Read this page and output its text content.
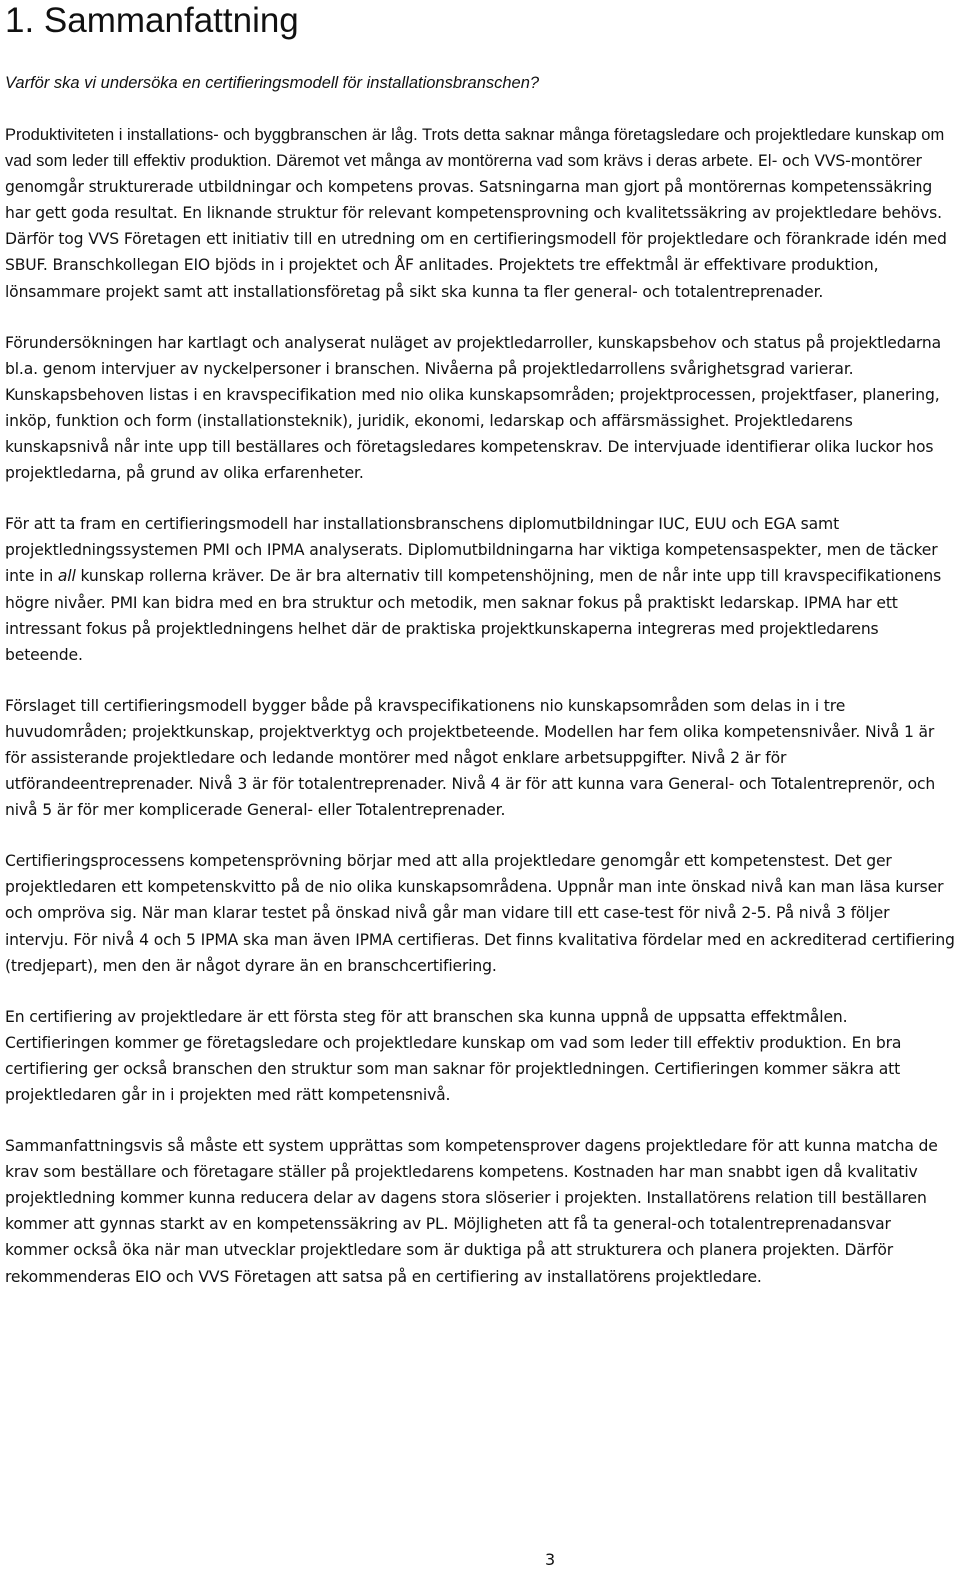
1. Sammanfattning

Varför ska vi undersöka en certifieringsmodell för installationsbranschen?

Produktiviteten i installations- och byggbranschen är låg. Trots detta saknar många företagsledare och projektledare kunskap om vad som leder till effektiv produktion. Däremot vet många av montörerna vad som krävs i deras arbete. El- och VVS-montörer genomgår strukturerade utbildningar och kompetens provas. Satsningarna man gjort på montörernas kompetenssäkring har gett goda resultat. En liknande struktur för relevant kompetensprovning och kvalitetssäkring av projektledare behövs. Därför tog VVS Företagen ett initiativ till en utredning om en certifieringsmodell för projektledare och förankrade idén med SBUF. Branschkollegan EIO bjöds in i projektet och ÅF anlitades. Projektets tre effektmål är effektivare produktion, lönsammare projekt samt att installationsföretag på sikt ska kunna ta fler general- och totalentreprenader.

Förundersökningen har kartlagt och analyserat nuläget av projektledarroller, kunskapsbehov och status på projektledarna bl.a. genom intervjuer av nyckelpersoner i branschen. Nivåerna på projektledarrollens svårighetsgrad varierar. Kunskapsbehoven listas i en kravspecifikation med nio olika kunskapsområden; projektprocessen, projektfaser, planering, inköp, funktion och form (installationsteknik), juridik, ekonomi, ledarskap och affärsmässighet. Projektledarens kunskapsnivå når inte upp till beställares och företagsledares kompetenskrav. De intervjuade identifierar olika luckor hos projektledarna, på grund av olika erfarenheter.

För att ta fram en certifieringsmodell har installationsbranschens diplomutbildningar IUC, EUU och EGA samt projektledningssystemen PMI och IPMA analyserats. Diplomutbildningarna har viktiga kompetensaspekter, men de täcker inte in all kunskap rollerna kräver. De är bra alternativ till kompetenshöjning, men de når inte upp till kravspecifikationens högre nivåer. PMI kan bidra med en bra struktur och metodik, men saknar fokus på praktiskt ledarskap. IPMA har ett intressant fokus på projektledningens helhet där de praktiska projektkunskaperna integreras med projektledarens beteende.

Förslaget till certifieringsmodell bygger både på kravspecifikationens nio kunskapsområden som delas in i tre huvudområden; projektkunskap, projektverktyg och projektbeteende. Modellen har fem olika kompetensnivåer. Nivå 1 är för assisterande projektledare och ledande montörer med något enklare arbetsuppgifter. Nivå 2 är för utförandeentreprenader. Nivå 3 är för totalentreprenader. Nivå 4 är för att kunna vara General- och Totalentreprenör, och nivå 5 är för mer komplicerade General- eller Totalentreprenader.

Certifieringsprocessens kompetensprövning börjar med att alla projektledare genomgår ett kompetenstest. Det ger projektledaren ett kompetenskvitto på de nio olika kunskapsområdena. Uppnår man inte önskad nivå kan man läsa kurser och ompröva sig. När man klarar testet på önskad nivå går man vidare till ett case-test för nivå 2-5. På nivå 3 följer intervju. För nivå 4 och 5 IPMA ska man även IPMA certifieras. Det finns kvalitativa fördelar med en ackrediterad certifiering (tredjepart), men den är något dyrare än en branschcertifiering.

En certifiering av projektledare är ett första steg för att branschen ska kunna uppnå de uppsatta effektmålen. Certifieringen kommer ge företagsledare och projektledare kunskap om vad som leder till effektiv produktion. En bra certifiering ger också branschen den struktur som man saknar för projektledningen. Certifieringen kommer säkra att projektledaren går in i projekten med rätt kompetensnivå.

Sammanfattningsvis så måste ett system upprättas som kompetensprover dagens projektledare för att kunna matcha de krav som beställare och företagare ställer på projektledarens kompetens. Kostnaden har man snabbt igen då kvalitativ projektledning kommer kunna reducera delar av dagens stora slöserier i projekten. Installatörens relation till beställaren kommer att gynnas starkt av en kompetenssäkring av PL. Möjligheten att få ta general-och totalentreprenadansvar kommer också öka när man utvecklar projektledare som är duktiga på att strukturera och planera projekten. Därför rekommenderas EIO och VVS Företagen att satsa på en certifiering av installatörens projektledare.

3
